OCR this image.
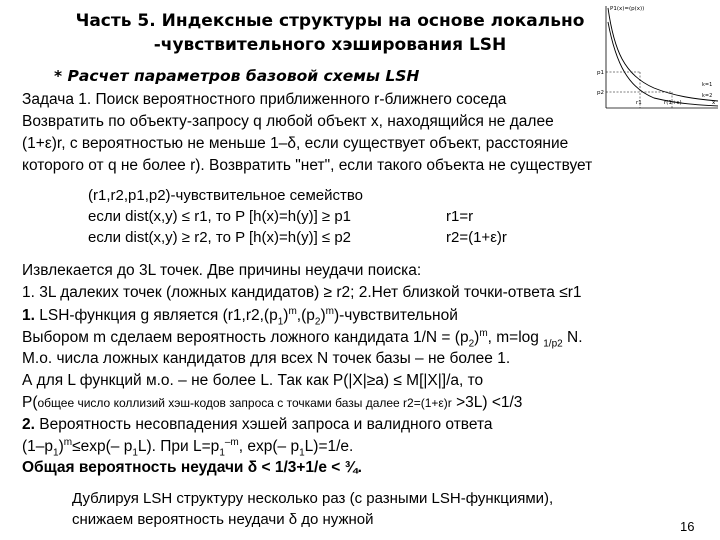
Часть 5. Индексные структуры на основе локально
-чувствительного хэширования LSH
P1(x)=(p(x))
p1
p2
r1	r(1+ε)	x
k=1
k=2
* Расчет параметров базовой схемы LSH
Задача 1. Поиск вероятностного приближенного r-ближнего соседа
Возвратить по объекту-запросу q любой объект x, находящийся не далее
(1+ε)r, с вероятностью не меньше 1–δ, если существует объект, расстояние
которого от q не более r). Возвратить "нет", если такого объекта не существует
(r1,r2,p1,p2)-чувствительное семейство
если dist(x,y) ≤ r1, то P [h(x)=h(y)] ≥ p1
если dist(x,y) ≥ r2, то P [h(x)=h(y)] ≤ p2
r1=r
r2=(1+ε)r
Извлекается до 3L точек. Две причины неудачи поиска:
1. 3L далеких точек (ложных кандидатов) ≥ r2; 2.Нет близкой точки-ответа ≤r1
1. LSH-функция g является $(r1,r2,(p_1)^m,(p_2)^m)$-чувствительной
Выбором m сделаем вероятность ложного кандидата $1/N = (p_2)^m$, m=log $_{1/p2}$ N.
М.о. числа ложных кандидатов для всех N точек базы – не более 1.
А для L функций м.о. – не более L. Так как P(|X|≥a) ≤ M[|X|]/a, то
P(общее число коллизий хэш-кодов запроса с точками базы далее r2=(1+ε)r >3L) <1/3
2. Вероятность несовпадения хэшей запроса и валидного ответа
$(1-p_1)^m\le\exp(-$ $p_1L$). При $L=p_1^{-m}$, exp(– $p_1L)=1/e$.
Общая вероятность неудачи δ < 1/3+1/e < ¾.
Дублируя LSH структуру несколько раз (с разными LSH-функциями),
снижаем вероятность неудачи δ до нужной	16
